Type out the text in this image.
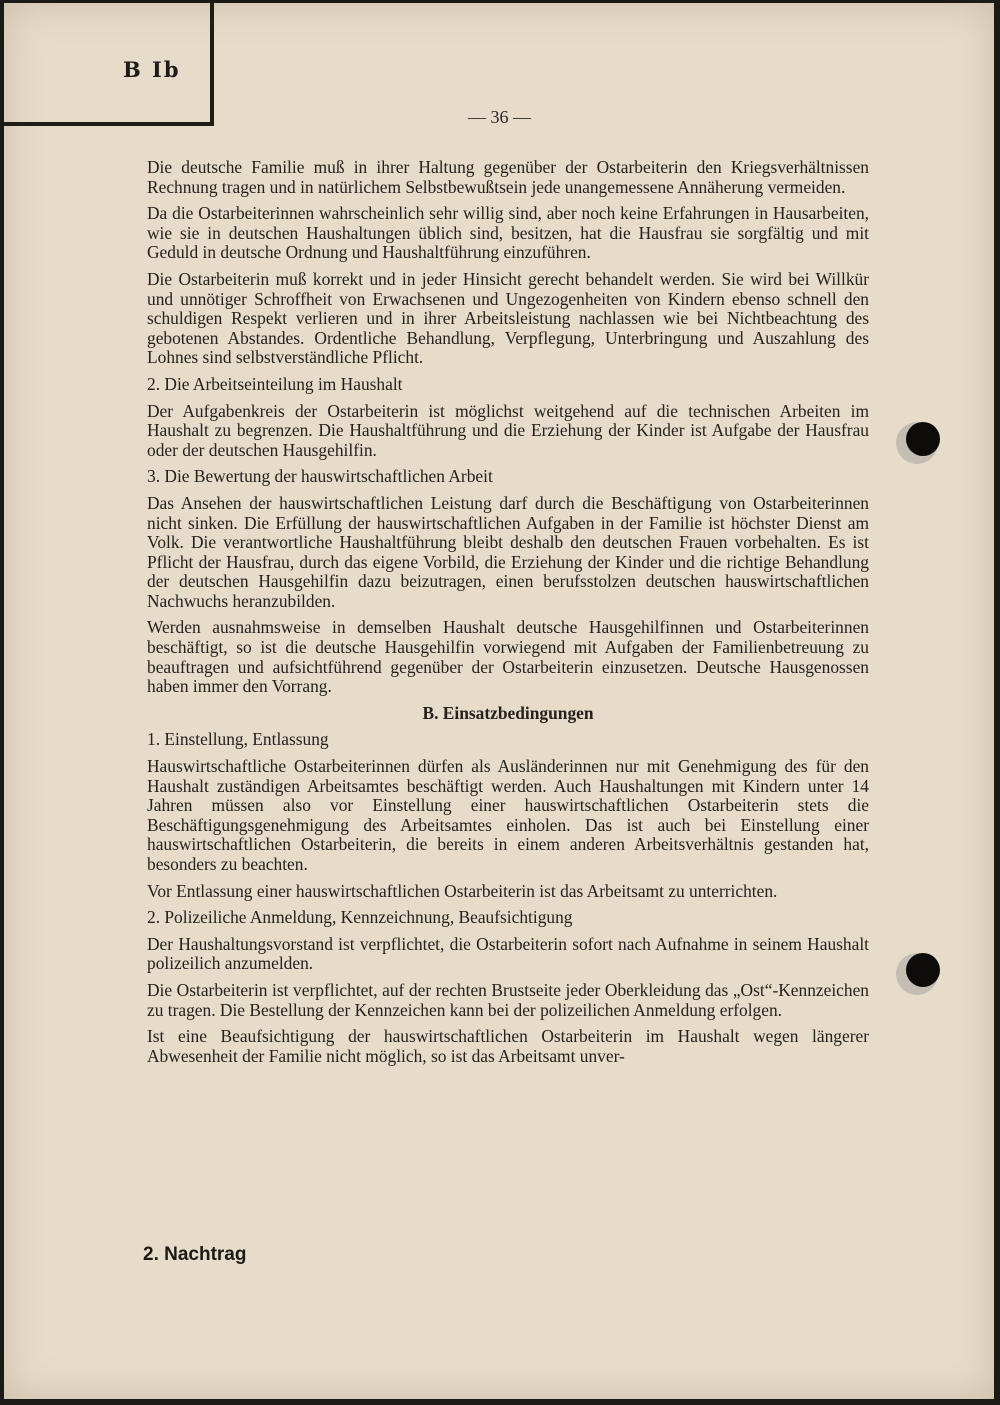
B Ib
— 36 —

Die deutsche Familie muß in ihrer Haltung gegenüber der Ostarbeiterin den Kriegsverhältnissen Rechnung tragen und in natürlichem Selbstbewußtsein jede unangemessene Annäherung vermeiden.

Da die Ostarbeiterinnen wahrscheinlich sehr willig sind, aber noch keine Erfahrungen in Hausarbeiten, wie sie in deutschen Haushaltungen üblich sind, besitzen, hat die Hausfrau sie sorgfältig und mit Geduld in deutsche Ordnung und Haushaltführung einzuführen.

Die Ostarbeiterin muß korrekt und in jeder Hinsicht gerecht behandelt werden. Sie wird bei Willkür und unnötiger Schroffheit von Erwachsenen und Ungezogenheiten von Kindern ebenso schnell den schuldigen Respekt verlieren und in ihrer Arbeitsleistung nachlassen wie bei Nichtbeachtung des gebotenen Abstandes. Ordentliche Behandlung, Verpflegung, Unterbringung und Auszahlung des Lohnes sind selbstverständliche Pflicht.

2. Die Arbeitseinteilung im Haushalt

Der Aufgabenkreis der Ostarbeiterin ist möglichst weitgehend auf die technischen Arbeiten im Haushalt zu begrenzen. Die Haushaltführung und die Erziehung der Kinder ist Aufgabe der Hausfrau oder der deutschen Hausgehilfin.

3. Die Bewertung der hauswirtschaftlichen Arbeit

Das Ansehen der hauswirtschaftlichen Leistung darf durch die Beschäftigung von Ostarbeiterinnen nicht sinken. Die Erfüllung der hauswirtschaftlichen Aufgaben in der Familie ist höchster Dienst am Volk. Die verantwortliche Haushaltführung bleibt deshalb den deutschen Frauen vorbehalten. Es ist Pflicht der Hausfrau, durch das eigene Vorbild, die Erziehung der Kinder und die richtige Behandlung der deutschen Hausgehilfin dazu beizutragen, einen berufsstolzen deutschen hauswirtschaftlichen Nachwuchs heranzubilden.

Werden ausnahmsweise in demselben Haushalt deutsche Hausgehilfinnen und Ostarbeiterinnen beschäftigt, so ist die deutsche Hausgehilfin vorwiegend mit Aufgaben der Familienbetreuung zu beauftragen und aufsichtführend gegenüber der Ostarbeiterin einzusetzen. Deutsche Hausgenossen haben immer den Vorrang.

B. Einsatzbedingungen

1. Einstellung, Entlassung

Hauswirtschaftliche Ostarbeiterinnen dürfen als Ausländerinnen nur mit Genehmigung des für den Haushalt zuständigen Arbeitsamtes beschäftigt werden. Auch Haushaltungen mit Kindern unter 14 Jahren müssen also vor Einstellung einer hauswirtschaftlichen Ostarbeiterin stets die Beschäftigungsgenehmigung des Arbeitsamtes einholen. Das ist auch bei Einstellung einer hauswirtschaftlichen Ostarbeiterin, die bereits in einem anderen Arbeitsverhältnis gestanden hat, besonders zu beachten.

Vor Entlassung einer hauswirtschaftlichen Ostarbeiterin ist das Arbeitsamt zu unterrichten.

2. Polizeiliche Anmeldung, Kennzeichnung, Beaufsichtigung

Der Haushaltungsvorstand ist verpflichtet, die Ostarbeiterin sofort nach Aufnahme in seinem Haushalt polizeilich anzumelden.

Die Ostarbeiterin ist verpflichtet, auf der rechten Brustseite jeder Oberkleidung das „Ost“-Kennzeichen zu tragen. Die Bestellung der Kennzeichen kann bei der polizeilichen Anmeldung erfolgen.

Ist eine Beaufsichtigung der hauswirtschaftlichen Ostarbeiterin im Haushalt wegen längerer Abwesenheit der Familie nicht möglich, so ist das Arbeitsamt unver-

2. Nachtrag
